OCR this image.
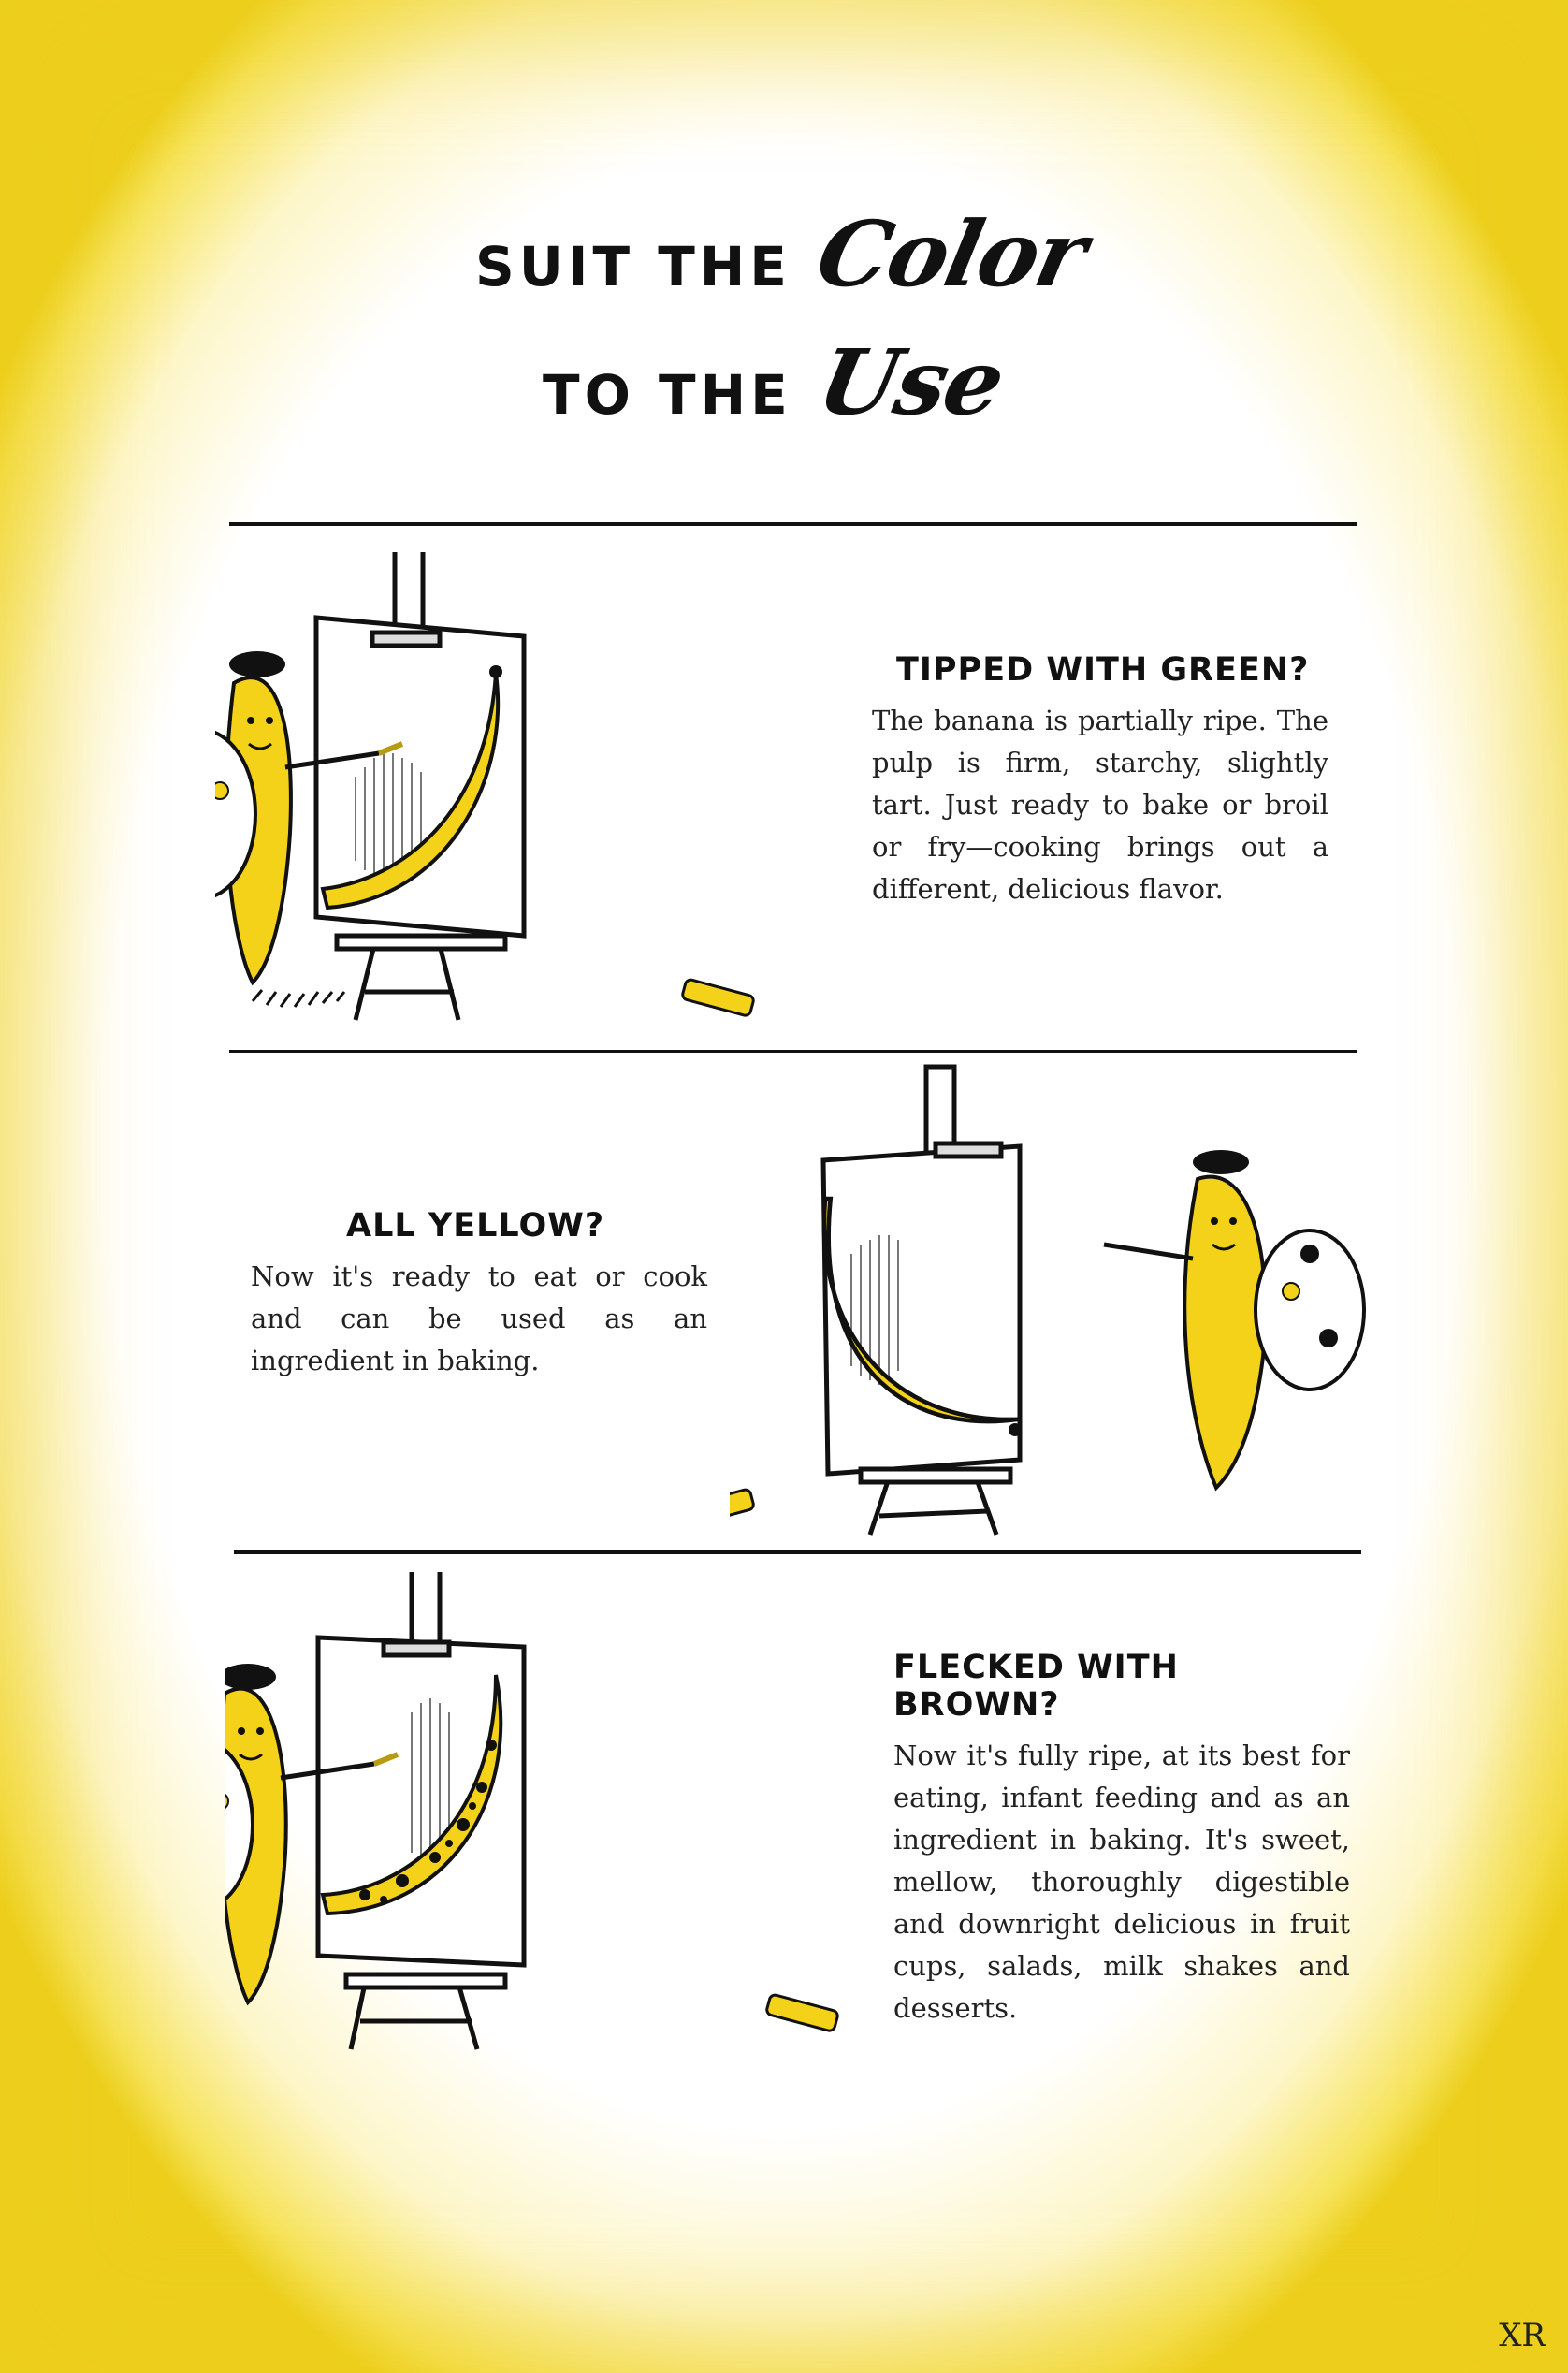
SUIT THE Color
TO THE Use
TIPPED WITH GREEN?

The banana is partially ripe. The pulp is firm, starchy, slightly tart. Just ready to bake or broil or fry—cooking brings out a different, delicious flavor.

ALL YELLOW?

Now it's ready to eat or cook and can be used as an ingredient in baking.

FLECKED WITH BROWN?

Now it's fully ripe, at its best for eating, infant feeding and as an ingredient in baking. It's sweet, mellow, thoroughly digestible and downright delicious in fruit cups, salads, milk shakes and desserts.

XR
